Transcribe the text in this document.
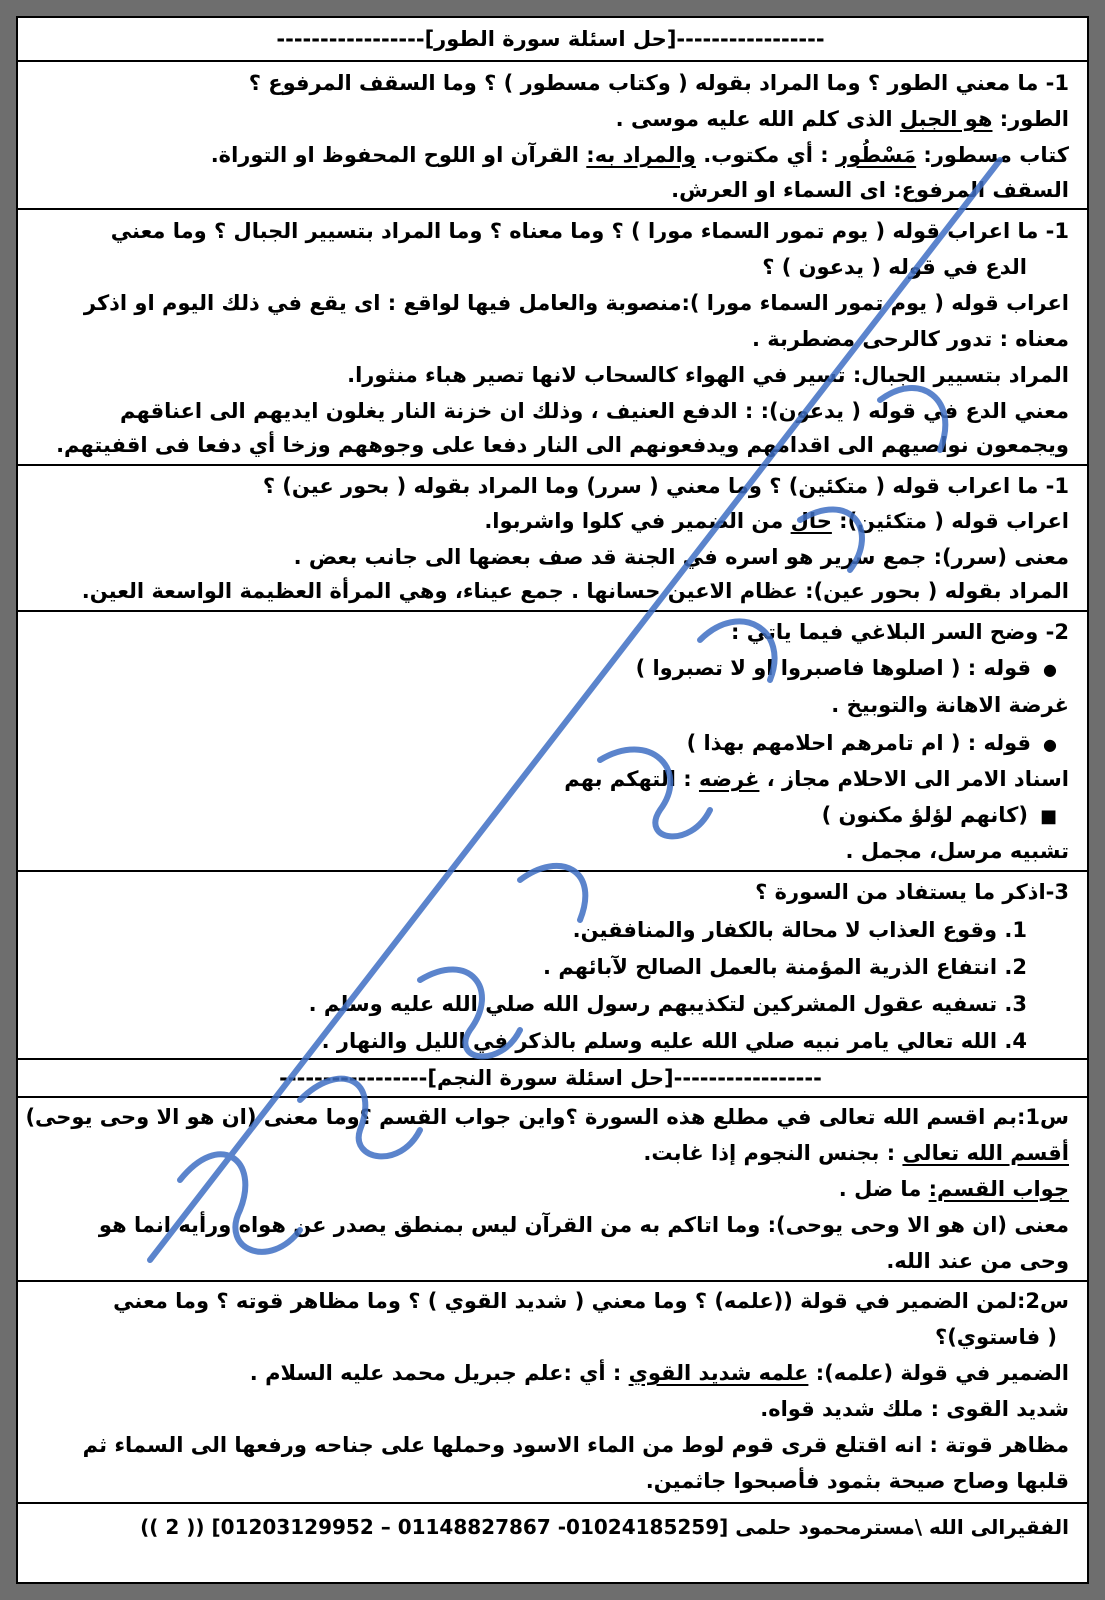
-----------------[حل اسئلة سورة الطور]-----------------
1- ما معني الطور ؟ وما المراد بقوله ( وكتاب مسطور ) ؟ وما السقف المرفوع ؟
الطور: هو الجبل الذى كلم الله عليه موسى .
كتاب مسطور: مَسْطُور : أي مكتوب. والمراد به: القرآن او اللوح المحفوظ او التوراة.
السقف المرفوع: اى السماء او العرش.
1- ما اعراب قوله ( يوم تمور السماء مورا ) ؟ وما معناه ؟ وما المراد بتسيير الجبال ؟ وما معني
الدع في قوله ( يدعون ) ؟
اعراب قوله ( يوم تمور السماء مورا ):منصوبة والعامل فيها لواقع : اى يقع في ذلك اليوم او اذكر
معناه : تدور كالرحى مضطربة .
المراد بتسيير الجبال: تسير في الهواء كالسحاب لانها تصير هباء منثورا.
معني الدع في قوله ( يدعون): : الدفع العنيف ، وذلك ان خزنة النار يغلون ايديهم الى اعناقهم
ويجمعون نواصيهم الى اقدامهم ويدفعونهم الى النار دفعا على وجوههم وزخا أي دفعا فى اقفيتهم.
1- ما اعراب قوله ( متكئين) ؟ وما معني ( سرر) وما المراد بقوله ( بحور عين) ؟
اعراب قوله ( متكئين): حال من الضمير في كلوا واشربوا.
معنى (سرر): جمع سرير هو اسره في الجنة قد صف بعضها الى جانب بعض .
المراد بقوله ( بحور عين): عظام الاعين حسانها . جمع عيناء، وهي المرأة العظيمة الواسعة العين.
2- وضح السر البلاغي فيما ياتي :
● قوله : ( اصلوها فاصبروا او لا تصبروا )
غرضة الاهانة والتوبيخ .
● قوله : ( ام تامرهم احلامهم بهذا )
اسناد الامر الى الاحلام مجاز ، غرضه : التهكم بهم
■ (كانهم لؤلؤ مكنون )
تشبيه مرسل، مجمل .
3-اذكر ما يستفاد من السورة ؟
1. وقوع العذاب لا محالة بالكفار والمنافقين.
2. انتفاع الذرية المؤمنة بالعمل الصالح لآبائهم .
3. تسفيه عقول المشركين لتكذيبهم رسول الله صلي الله عليه وسلم .
4. الله تعالي يامر نبيه صلي الله عليه وسلم بالذكر في الليل والنهار .
-----------------[حل اسئلة سورة النجم]-----------------
س1:بم اقسم الله تعالى في مطلع هذه السورة ؟واين جواب القسم ؟وما معنى (ان هو الا وحى يوحى)
أقسم الله تعالى : بجنس النجوم إذا غابت.
جواب القسم: ما ضل .
معنى (ان هو الا وحى يوحى): وما اتاكم به من القرآن ليس بمنطق يصدر عن هواه ورأيه انما هو
وحى من عند الله.
س2:لمن الضمير في قولة ((علمه) ؟ وما معني ( شديد القوي ) ؟ وما مظاهر قوته ؟ وما معني
( فاستوي)؟
الضمير في قولة (علمه): علمه شديد القوي : أي :علم جبريل محمد عليه السلام .
شديد القوى : ملك شديد قواه.
مظاهر قوتة : انه اقتلع قرى قوم لوط من الماء الاسود وحملها على جناحه ورفعها الى السماء ثم
قلبها وصاح صيحة بثمود فأصبحوا جاثمين.
الفقيرالى الله \مسترمحمود حلمى [01024185259- 01148827867 – 01203129952] (( 2 ))
